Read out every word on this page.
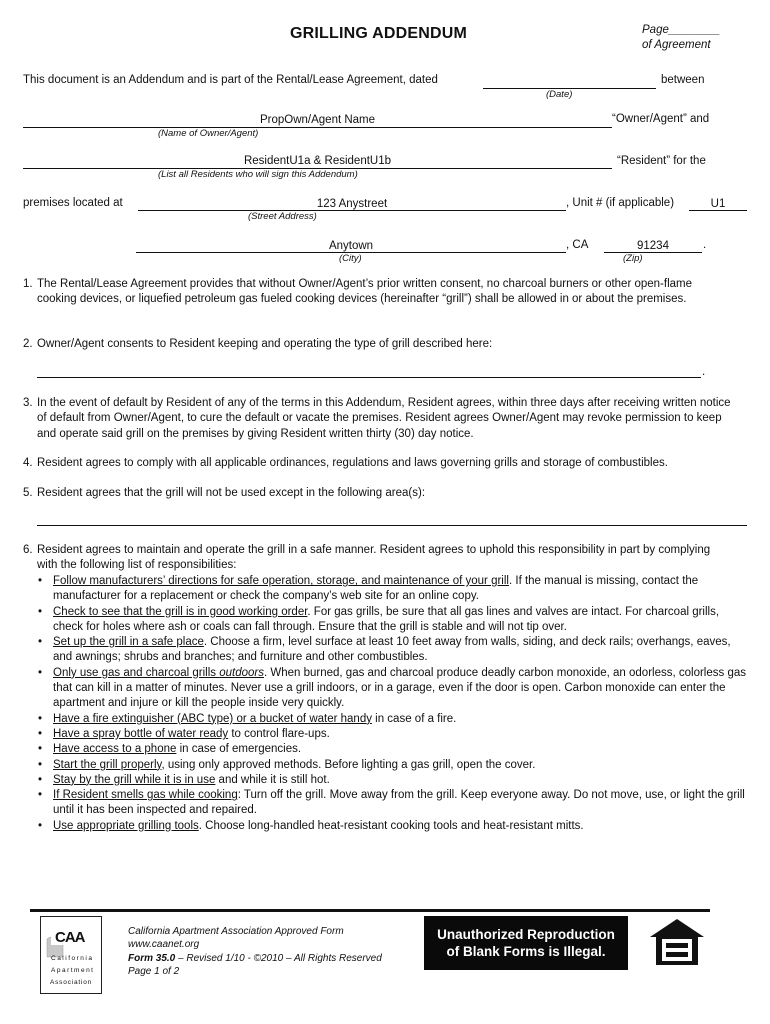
GRILLING ADDENDUM	Page________
of Agreement
This document is an Addendum and is part of the Rental/Lease Agreement, dated	between
(Date)
PropOwn/Agent Name	“Owner/Agent” and
(Name of Owner/Agent)
ResidentU1a & ResidentU1b	“Resident” for the
(List all Residents who will sign this Addendum)
premises located at	123 Anystreet	, Unit # (if applicable)	U1
(Street Address)
Anytown	, CA	91234	.
(City)	(Zip)
1. The Rental/Lease Agreement provides that without Owner/Agent’s prior written consent, no charcoal burners or other open-flame cooking devices, or liquefied petroleum gas fueled cooking devices (hereinafter “grill”) shall be allowed in or about the premises.
2. Owner/Agent consents to Resident keeping and operating the type of grill described here:
.
3. In the event of default by Resident of any of the terms in this Addendum, Resident agrees, within three days after receiving written notice of default from Owner/Agent, to cure the default or vacate the premises. Resident agrees Owner/Agent may revoke permission to keep and operate said grill on the premises by giving Resident written thirty (30) day notice.
4. Resident agrees to comply with all applicable ordinances, regulations and laws governing grills and storage of combustibles.
5. Resident agrees that the grill will not be used except in the following area(s):
6. Resident agrees to maintain and operate the grill in a safe manner. Resident agrees to uphold this responsibility in part by complying with the following list of responsibilities:
• Follow manufacturers’ directions for safe operation, storage, and maintenance of your grill. If the manual is missing, contact the manufacturer for a replacement or check the company’s web site for an online copy.
• Check to see that the grill is in good working order. For gas grills, be sure that all gas lines and valves are intact. For charcoal grills, check for holes where ash or coals can fall through. Ensure that the grill is stable and will not tip over.
• Set up the grill in a safe place. Choose a firm, level surface at least 10 feet away from walls, siding, and deck rails; overhangs, eaves, and awnings; shrubs and branches; and furniture and other combustibles.
• Only use gas and charcoal grills outdoors. When burned, gas and charcoal produce deadly carbon monoxide, an odorless, colorless gas that can kill in a matter of minutes. Never use a grill indoors, or in a garage, even if the door is open. Carbon monoxide can enter the apartment and injure or kill the people inside very quickly.
• Have a fire extinguisher (ABC type) or a bucket of water handy in case of a fire.
• Have a spray bottle of water ready to control flare-ups.
• Have access to a phone in case of emergencies.
• Start the grill properly, using only approved methods. Before lighting a gas grill, open the cover.
• Stay by the grill while it is in use and while it is still hot.
• If Resident smells gas while cooking: Turn off the grill. Move away from the grill. Keep everyone away. Do not move, use, or light the grill until it has been inspected and repaired.
• Use appropriate grilling tools. Choose long-handled heat-resistant cooking tools and heat-resistant mitts.
CAA
California
Apartment
Association
California Apartment Association Approved Form
www.caanet.org
Form 35.0 – Revised 1/10 - ©2010 – All Rights Reserved
Page 1 of 2
Unauthorized Reproduction
of Blank Forms is Illegal.
